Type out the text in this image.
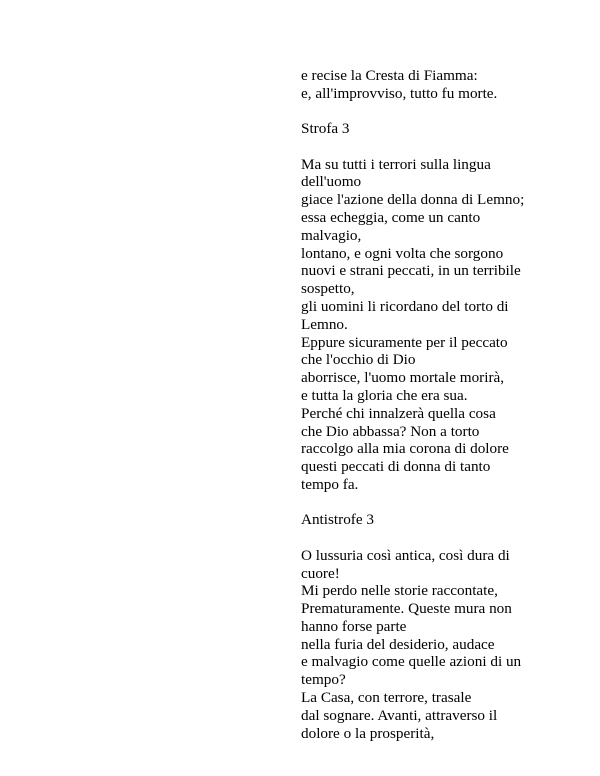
e recise la Cresta di Fiamma:
e, all'improvviso, tutto fu morte.
Strofa 3
Ma su tutti i terrori sulla lingua
dell'uomo
giace l'azione della donna di Lemno;
essa echeggia, come un canto
malvagio,
lontano, e ogni volta che sorgono
nuovi e strani peccati, in un terribile
sospetto,
gli uomini li ricordano del torto di
Lemno.
Eppure sicuramente per il peccato
che l'occhio di Dio
aborrisce, l'uomo mortale morirà,
e tutta la gloria che era sua.
Perché chi innalzerà quella cosa
che Dio abbassa? Non a torto
raccolgo alla mia corona di dolore
questi peccati di donna di tanto
tempo fa.
Antistrofe 3
O lussuria così antica, così dura di
cuore!
Mi perdo nelle storie raccontate,
Prematuramente. Queste mura non
hanno forse parte
nella furia del desiderio, audace
e malvagio come quelle azioni di un
tempo?
La Casa, con terrore, trasale
dal sognare. Avanti, attraverso il
dolore o la prosperità,
